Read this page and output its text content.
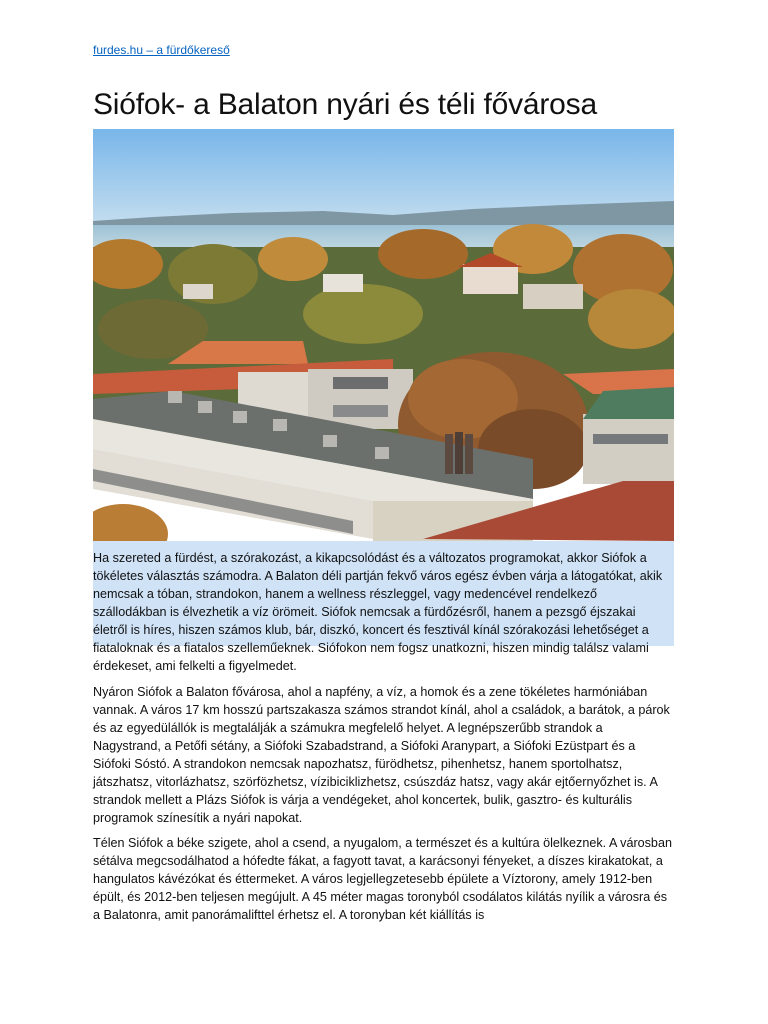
furdes.hu – a fürdőkereső
Siófok- a Balaton nyári és téli fővárosa

Ha szereted a fürdést, a szórakozást, a kikapcsolódást és a változatos programokat, akkor Siófok a tökéletes választás számodra. A Balaton déli partján fekvő város egész évben várja a látogatókat, akik nemcsak a tóban, strandokon, hanem a wellness részleggel, vagy medencével rendelkező szállodákban is élvezhetik a víz örömeit. Siófok nemcsak a fürdőzésről, hanem a pezsgő éjszakai életről is híres, hiszen számos klub, bár, diszkó, koncert és fesztivál kínál szórakozási lehetőséget a fiataloknak és a fiatalos szelleműeknek. Siófokon nem fogsz unatkozni, hiszen mindig találsz valami érdekeset, ami felkelti a figyelmedet.

Nyáron Siófok a Balaton fővárosa, ahol a napfény, a víz, a homok és a zene tökéletes harmóniában vannak. A város 17 km hosszú partszakasza számos strandot kínál, ahol a családok, a barátok, a párok és az egyedülállók is megtalálják a számukra megfelelő helyet. A legnépszerűbb strandok a Nagystrand, a Petőfi sétány, a Siófoki Szabadstrand, a Siófoki Aranypart, a Siófoki Ezüstpart és a Siófoki Sóstó. A strandokon nemcsak napozhatsz, fürödhetsz, pihenhetsz, hanem sportolhatsz, játszhatsz, vitorlázhatsz, szörfözhetsz, vízibiciklizhetsz, csúszdáz hatsz, vagy akár ejtőernyőzhet is. A strandok mellett a Plázs Siófok is várja a vendégeket, ahol koncertek, bulik, gasztro- és kulturális programok színesítik a nyári napokat.

Télen Siófok a béke szigete, ahol a csend, a nyugalom, a természet és a kultúra ölelkeznek. A városban sétálva megcsodálhatod a hófedte fákat, a fagyott tavat, a karácsonyi fényeket, a díszes kirakatokat, a hangulatos kávézókat és éttermeket. A város legjellegzetesebb épülete a Víztorony, amely 1912-ben épült, és 2012-ben teljesen megújult. A 45 méter magas toronyból csodálatos kilátás nyílik a városra és a Balatonra, amit panorámalifttel érhetsz el. A toronyban két kiállítás is
